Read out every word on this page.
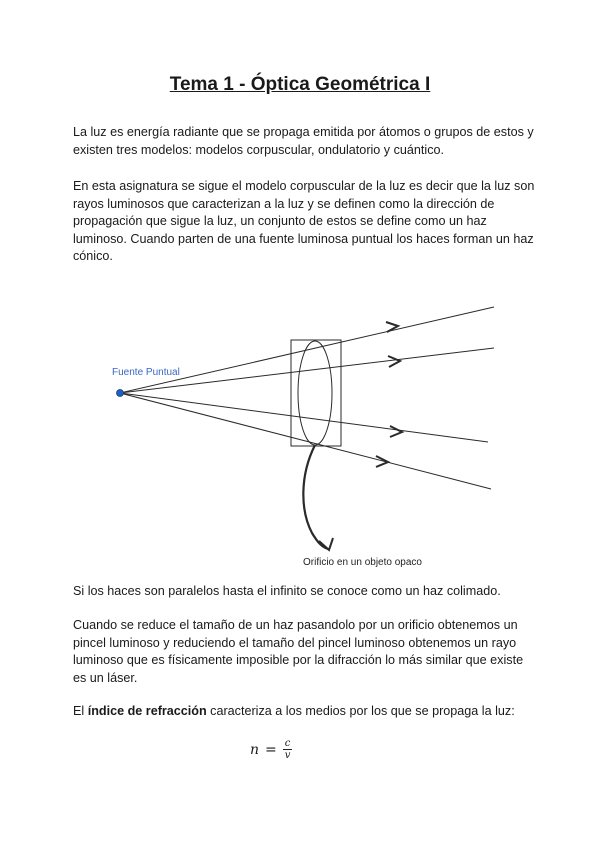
Tema 1 - Óptica Geométrica I

La luz es energía radiante que se propaga emitida por átomos o grupos de estos y existen tres modelos: modelos corpuscular, ondulatorio y cuántico.

En esta asignatura se sigue el modelo corpuscular de la luz es decir que la luz son rayos luminosos que caracterizan a la luz y se definen como la dirección de propagación que sigue la luz, un conjunto de estos se define como un haz luminoso. Cuando parten de una fuente luminosa puntual los haces forman un haz cónico.

Fuente Puntual
Orificio en un objeto opaco

Si los haces son paralelos hasta el infinito se conoce como un haz colimado.

Cuando se reduce el tamaño de un haz pasandolo por un orificio obtenemos un pincel luminoso y reduciendo el tamaño del pincel luminoso obtenemos un rayo luminoso que es físicamente imposible por la difracción lo más similar que existe es un láser.

El índice de refracción caracteriza a los medios por los que se propaga la luz:

$n = \frac{c}{v}$
